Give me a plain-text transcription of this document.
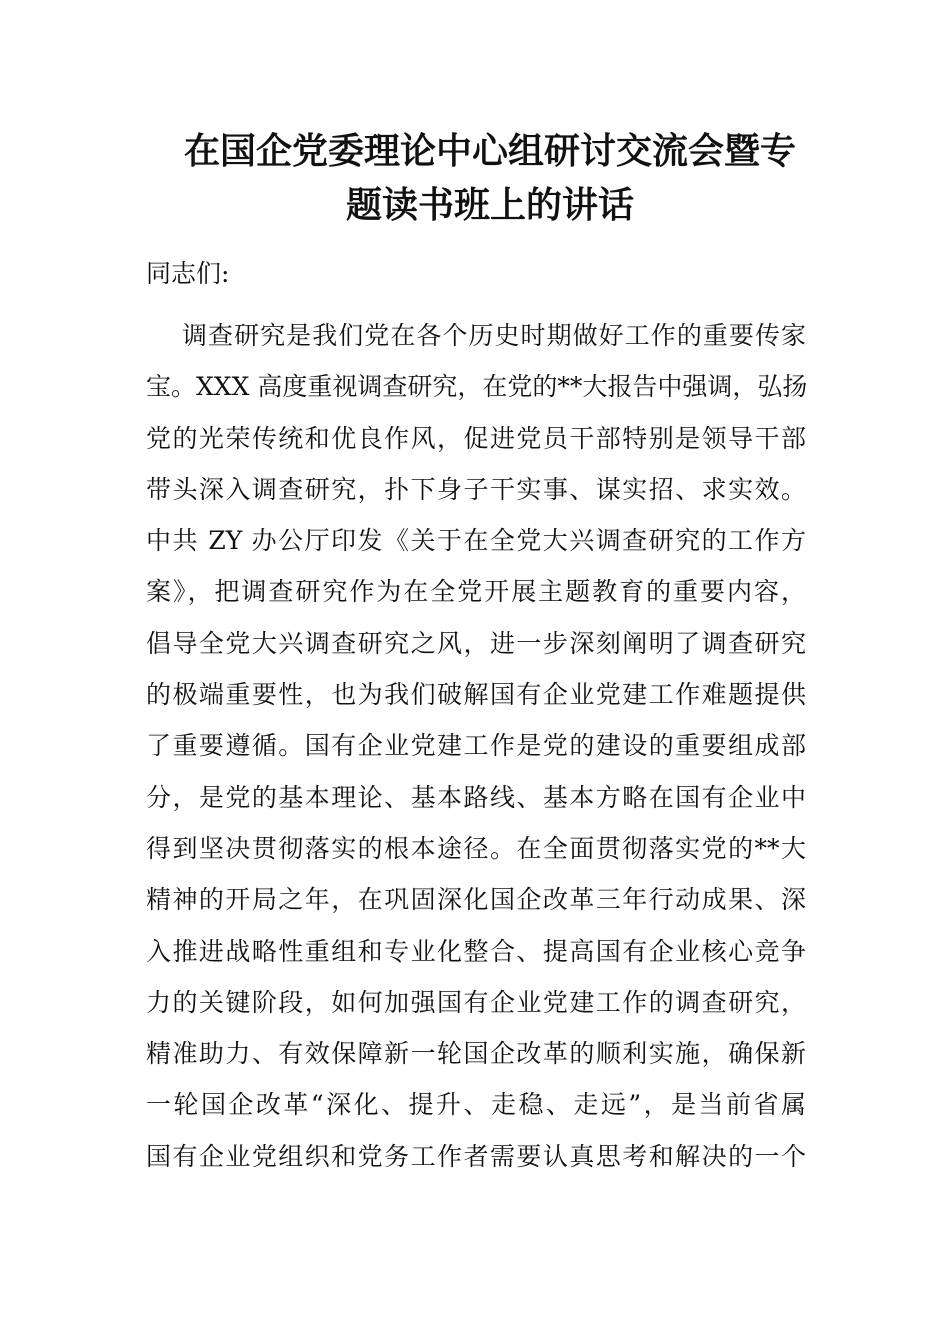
在国企党委理论中心组研讨交流会暨专
题读书班上的讲话

同志们:

调查研究是我们党在各个历史时期做好工作的重要传家
宝。XXX 高度重视调查研究，在党的**大报告中强调，弘扬
党的光荣传统和优良作风，促进党员干部特别是领导干部
带头深入调查研究，扑下身子干实事、谋实招、求实效。
中共 ZY 办公厅印发《关于在全党大兴调查研究的工作方
案》，把调查研究作为在全党开展主题教育的重要内容，
倡导全党大兴调查研究之风，进一步深刻阐明了调查研究
的极端重要性，也为我们破解国有企业党建工作难题提供
了重要遵循。国有企业党建工作是党的建设的重要组成部
分，是党的基本理论、基本路线、基本方略在国有企业中
得到坚决贯彻落实的根本途径。在全面贯彻落实党的**大
精神的开局之年，在巩固深化国企改革三年行动成果、深
入推进战略性重组和专业化整合、提高国有企业核心竞争
力的关键阶段，如何加强国有企业党建工作的调查研究，
精准助力、有效保障新一轮国企改革的顺利实施，确保新
一轮国企改革“深化、提升、走稳、走远”，是当前省属
国有企业党组织和党务工作者需要认真思考和解决的一个
